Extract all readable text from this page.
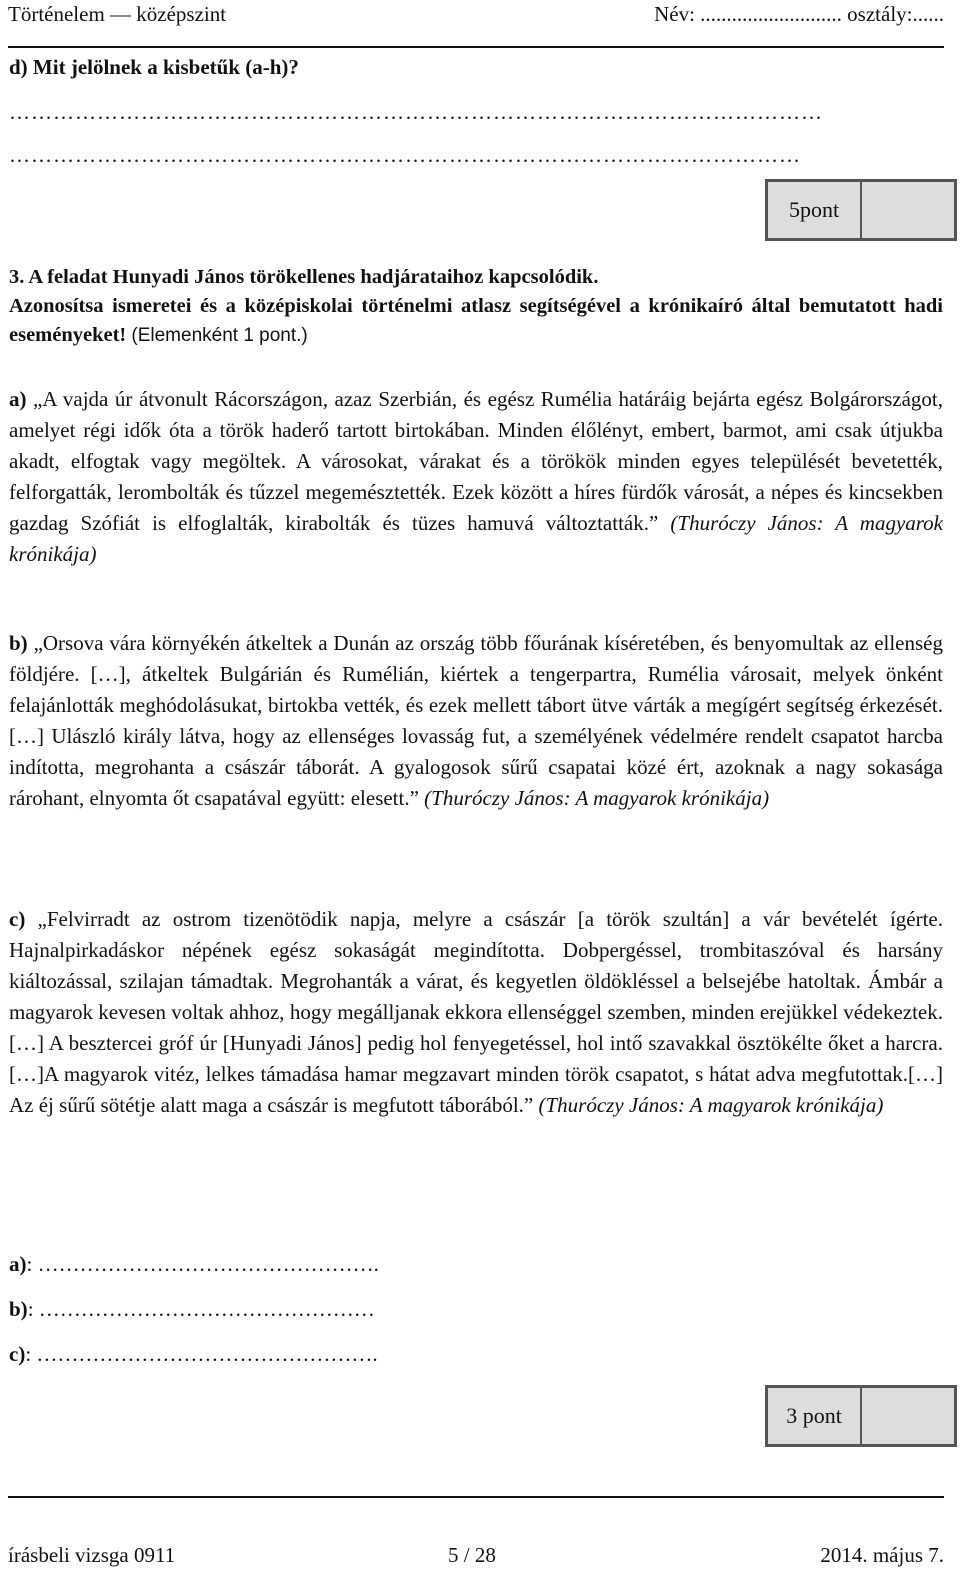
Történelem — középszint	Név: ........................... osztály:......
d) Mit jelölnek a kisbetűk (a-h)?
…………………………………………………………………………………………………
………………………………………………………………………………………………
5pont
3. A feladat Hunyadi János törökellenes hadjárataihoz kapcsolódik.
Azonosítsa ismeretei és a középiskolai történelmi atlasz segítségével a krónikaíró által bemutatott hadi eseményeket! (Elemenként 1 pont.)
a) „A vajda úr átvonult Rácországon, azaz Szerbián, és egész Rumélia határáig bejárta egész Bolgárországot, amelyet régi idők óta a török haderő tartott birtokában. Minden élőlényt, embert, barmot, ami csak útjukba akadt, elfogtak vagy megöltek. A városokat, várakat és a törökök minden egyes települését bevetették, felforgatták, lerombolták és tűzzel megemésztették. Ezek között a híres fürdők városát, a népes és kincsekben gazdag Szófiát is elfoglalták, kirabolták és tüzes hamuvá változtatták.” (Thuróczy János: A magyarok krónikája)
b) „Orsova vára környékén átkeltek a Dunán az ország több főurának kíséretében, és benyomultak az ellenség földjére. […], átkeltek Bulgárián és Rumélián, kiértek a tengerpartra, Rumélia városait, melyek önként felajánlották meghódolásukat, birtokba vették, és ezek mellett tábort ütve várták a megígért segítség érkezését. […] Ulászló király látva, hogy az ellenséges lovasság fut, a személyének védelmére rendelt csapatot harcba indította, megrohanta a császár táborát. A gyalogosok sűrű csapatai közé ért, azoknak a nagy sokasága rárohant, elnyomta őt csapatával együtt: elesett.” (Thuróczy János: A magyarok krónikája)
c) „Felvirradt az ostrom tizenötödik napja, melyre a császár [a török szultán] a vár bevételét ígérte. Hajnalpirkadáskor népének egész sokaságát megindította. Dobpergéssel, trombitaszóval és harsány kiáltozással, szilajan támadtak. Megrohanták a várat, és kegyetlen öldökléssel a belsejébe hatoltak. Ámbár a magyarok kevesen voltak ahhoz, hogy megálljanak ekkora ellenséggel szemben, minden erejükkel védekeztek. […] A besztercei gróf úr [Hunyadi János] pedig hol fenyegetéssel, hol intő szavakkal ösztökélte őket a harcra. […]A magyarok vitéz, lelkes támadása hamar megzavart minden török csapatot, s hátat adva megfutottak.[…] Az éj sűrű sötétje alatt maga a császár is megfutott táborából.” (Thuróczy János: A magyarok krónikája)
a): ………………………………………….
b): …………………………………………
c): ………………………………………….
3 pont
írásbeli vizsga 0911	5 / 28	2014. május 7.
